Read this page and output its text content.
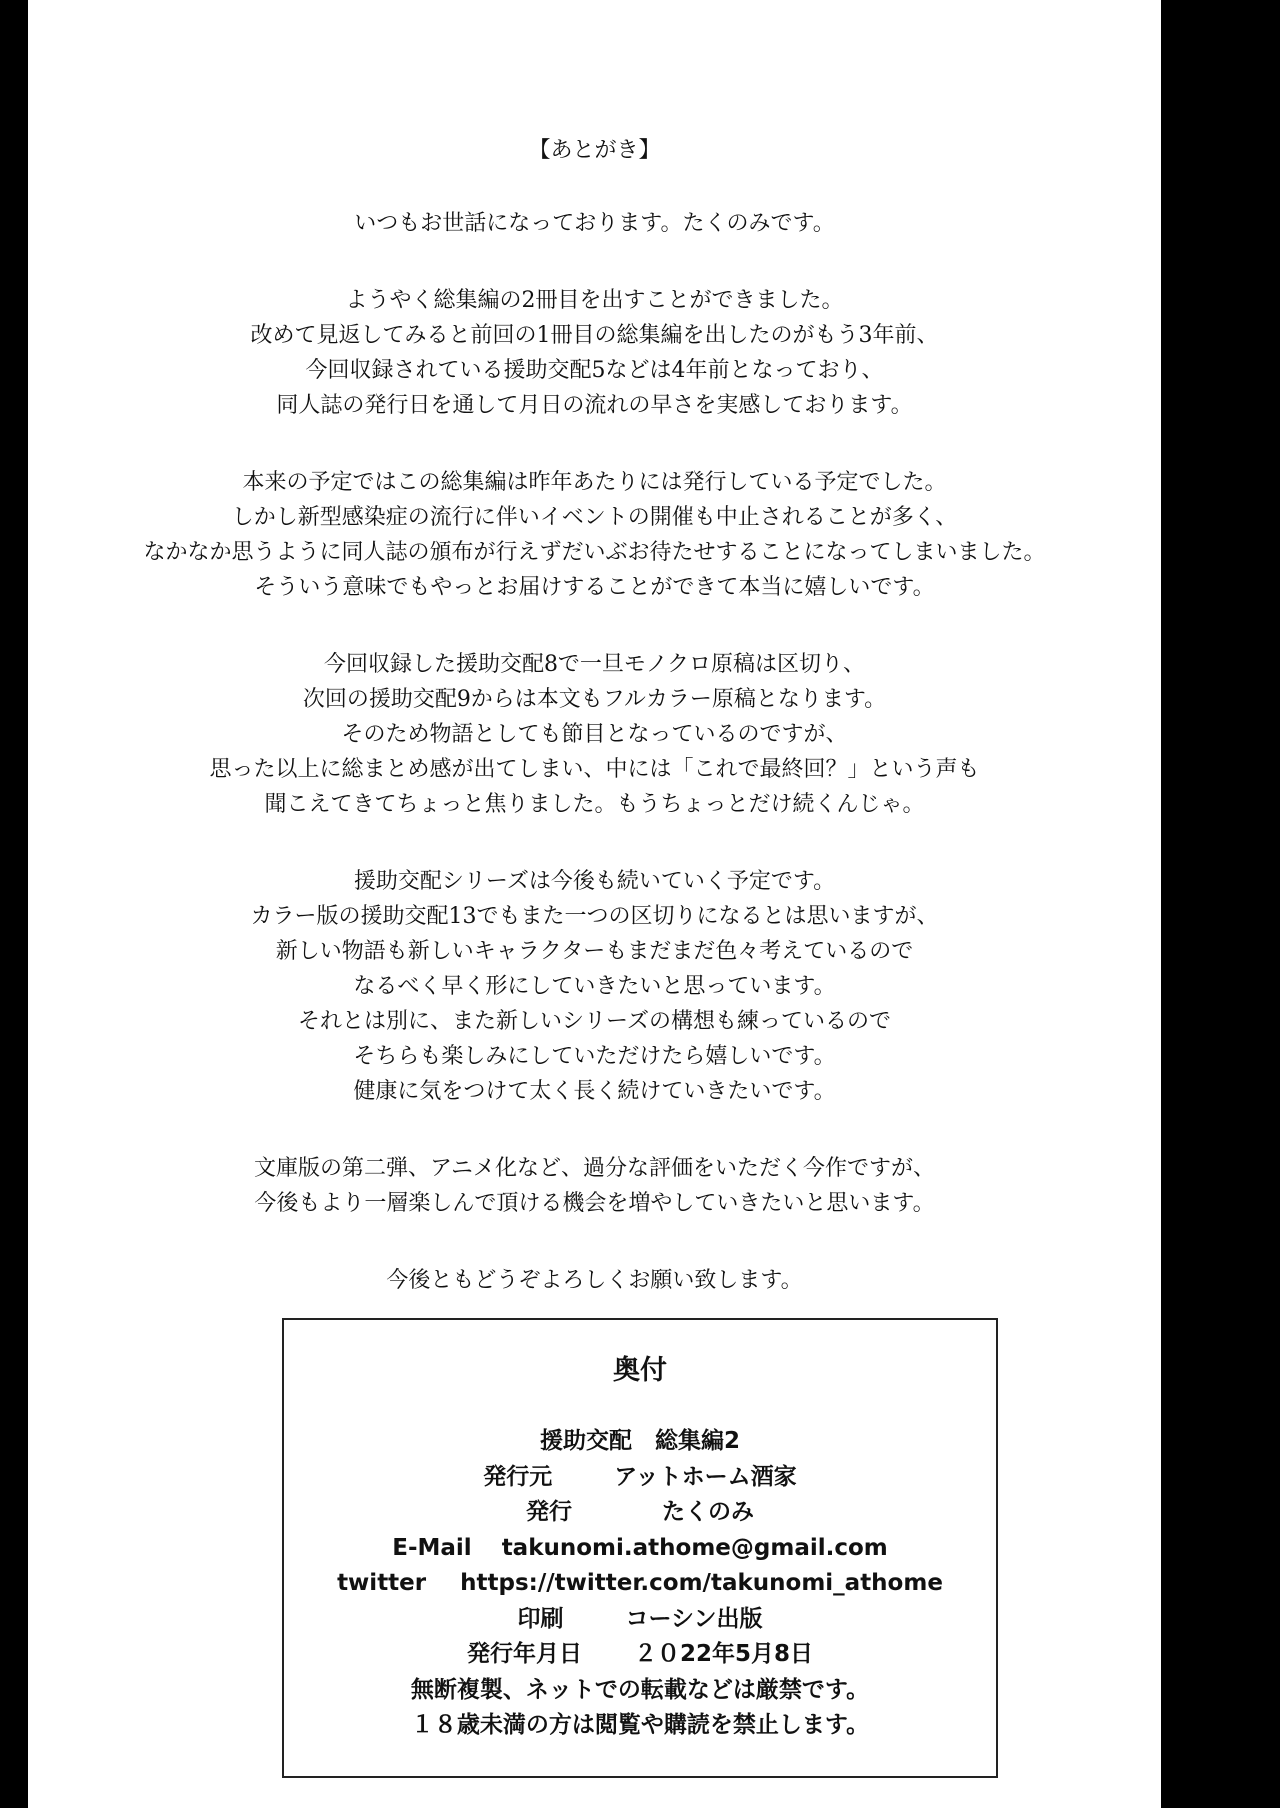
【あとがき】
いつもお世話になっております。たくのみです。
ようやく総集編の2冊目を出すことができました。
改めて見返してみると前回の1冊目の総集編を出したのがもう3年前、
今回収録されている援助交配5などは4年前となっており、
同人誌の発行日を通して月日の流れの早さを実感しております。
本来の予定ではこの総集編は昨年あたりには発行している予定でした。
しかし新型感染症の流行に伴いイベントの開催も中止されることが多く、
なかなか思うように同人誌の頒布が行えずだいぶお待たせすることになってしまいました。
そういう意味でもやっとお届けすることができて本当に嬉しいです。
今回収録した援助交配8で一旦モノクロ原稿は区切り、
次回の援助交配9からは本文もフルカラー原稿となります。
そのため物語としても節目となっているのですが、
思った以上に総まとめ感が出てしまい、中には「これで最終回？」という声も
聞こえてきてちょっと焦りました。もうちょっとだけ続くんじゃ。
援助交配シリーズは今後も続いていく予定です。
カラー版の援助交配13でもまた一つの区切りになるとは思いますが、
新しい物語も新しいキャラクターもまだまだ色々考えているので
なるべく早く形にしていきたいと思っています。
それとは別に、また新しいシリーズの構想も練っているので
そちらも楽しみにしていただけたら嬉しいです。
健康に気をつけて太く長く続けていきたいです。
文庫版の第二弾、アニメ化など、過分な評価をいただく今作ですが、
今後もより一層楽しんで頂ける機会を増やしていきたいと思います。
今後ともどうぞよろしくお願い致します。
奥付
援助交配　総集編2
発行元	アットホーム酒家
発行	たくのみ
E-Mail takunomi.athome@gmail.com
twitter https://twitter.com/takunomi_athome
印刷	コーシン出版
発行年月日 ２０22年5月8日
無断複製、ネットでの転載などは厳禁です。
１８歳未満の方は閲覧や購読を禁止します。
